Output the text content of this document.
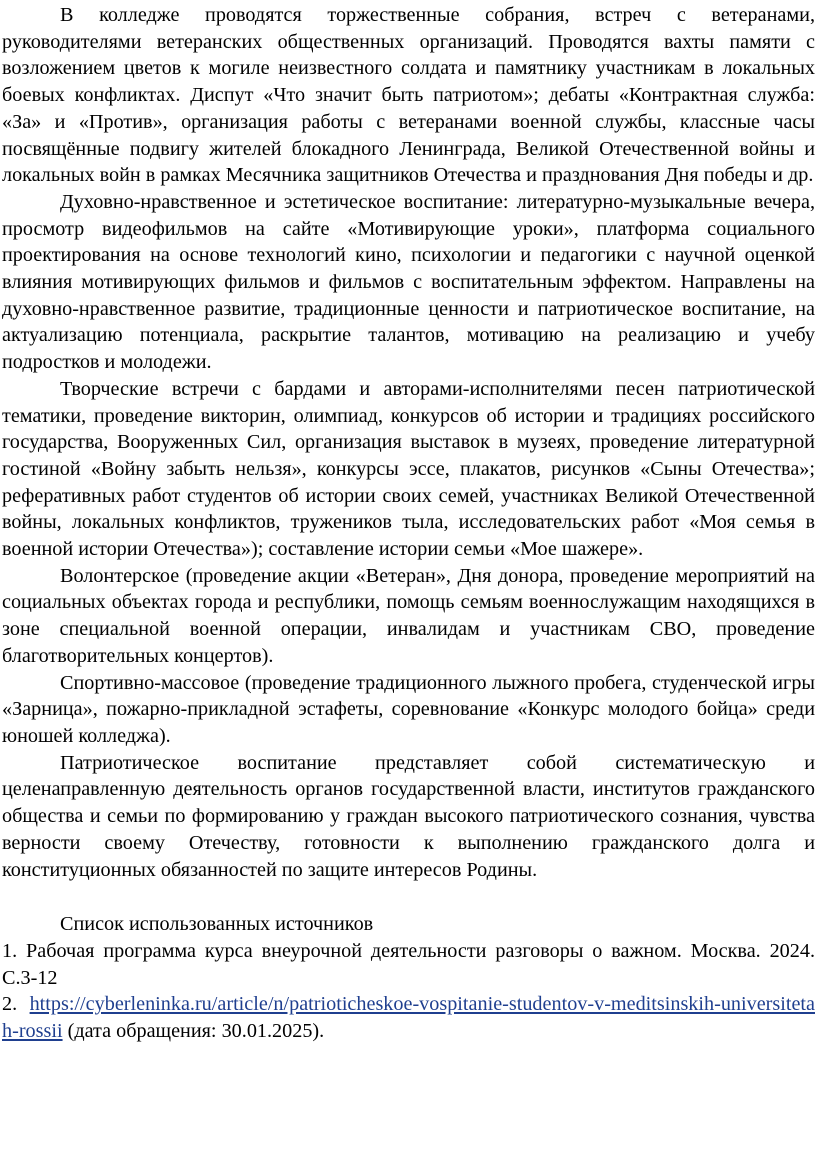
В колледже проводятся торжественные собрания, встреч с ветеранами, руководителями ветеранских общественных организаций. Проводятся вахты памяти с возложением цветов к могиле неизвестного солдата и памятнику участникам в локальных боевых конфликтах. Диспут «Что значит быть патриотом»; дебаты «Контрактная служба: «За» и «Против», организация работы с ветеранами военной службы, классные часы посвящённые подвигу жителей блокадного Ленинграда, Великой Отечественной войны и локальных войн в рамках Месячника защитников Отечества и празднования Дня победы и др.

Духовно-нравственное и эстетическое воспитание: литературно-музыкальные вечера, просмотр видеофильмов на сайте «Мотивирующие уроки», платформа социального проектирования на основе технологий кино, психологии и педагогики с научной оценкой влияния мотивирующих фильмов и фильмов с воспитательным эффектом. Направлены на духовно-нравственное развитие, традиционные ценности и патриотическое воспитание, на актуализацию потенциала, раскрытие талантов, мотивацию на реализацию и учебу подростков и молодежи.

Творческие встречи с бардами и авторами-исполнителями песен патриотической тематики, проведение викторин, олимпиад, конкурсов об истории и традициях российского государства, Вооруженных Сил, организация выставок в музеях, проведение литературной гостиной «Войну забыть нельзя», конкурсы эссе, плакатов, рисунков «Сыны Отечества»; реферативных работ студентов об истории своих семей, участниках Великой Отечественной войны, локальных конфликтов, тружеников тыла, исследовательских работ «Моя семья в военной истории Отечества»); составление истории семьи «Мое шажере».

Волонтерское (проведение акции «Ветеран», Дня донора, проведение мероприятий на социальных объектах города и республики, помощь семьям военнослужащим находящихся в зоне специальной военной операции, инвалидам и участникам СВО, проведение благотворительных концертов).

Спортивно-массовое (проведение традиционного лыжного пробега, студенческой игры «Зарница», пожарно-прикладной эстафеты, соревнование «Конкурс молодого бойца» среди юношей колледжа).

Патриотическое воспитание представляет собой систематическую и целенаправленную деятельность органов государственной власти, институтов гражданского общества и семьи по формированию у граждан высокого патриотического сознания, чувства верности своему Отечеству, готовности к выполнению гражданского долга и конституционных обязанностей по защите интересов Родины.

Список использованных источников

1. Рабочая программа курса внеурочной деятельности разговоры о важном. Москва. 2024. С.3-12

2. https://cyberleninka.ru/article/n/patrioticheskoe-vospitanie-studentov-v-meditsinskih-universitetah-rossii (дата обращения: 30.01.2025).
